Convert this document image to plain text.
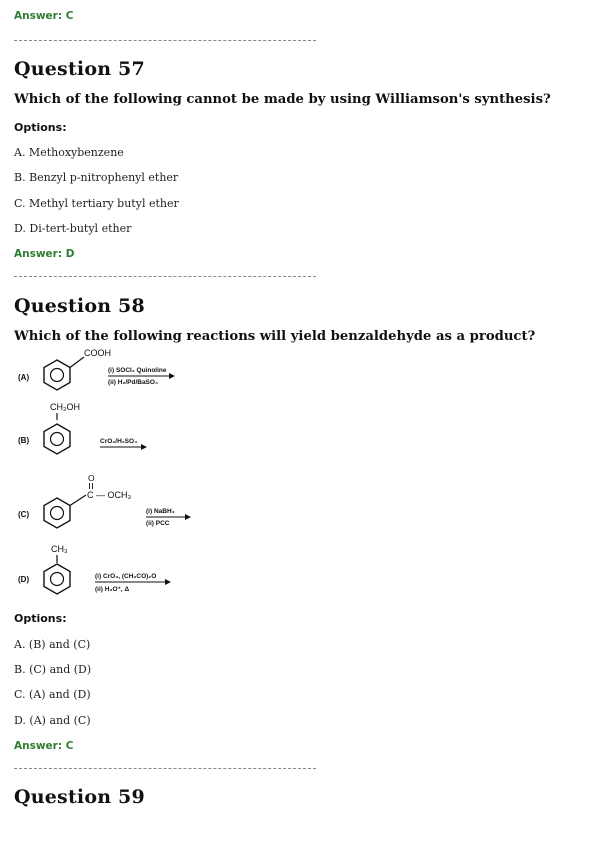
Answer: C
Question 57
Which of the following cannot be made by using Williamson's synthesis?
Options:
A. Methoxybenzene
B. Benzyl p-nitrophenyl ether
C. Methyl tertiary butyl ether
D. Di-tert-butyl ether
Answer: D
Question 58
Which of the following reactions will yield benzaldehyde as a product?
(A)
COOH
(i) SOCl₂ Quinoline
(ii) H₂/Pd/BaSO₄
CH₂OH
(B)	CrO₃/H₂SO₄
O
C — OCH₃
(C)	(i) NaBH₄
(ii) PCC
CH₃
(D)	(i) CrO₃, (CH₃CO)₂O
(ii) H₃O⁺, Δ
Options:
A. (B) and (C)
B. (C) and (D)
C. (A) and (D)
D. (A) and (C)
Answer: C
Question 59
